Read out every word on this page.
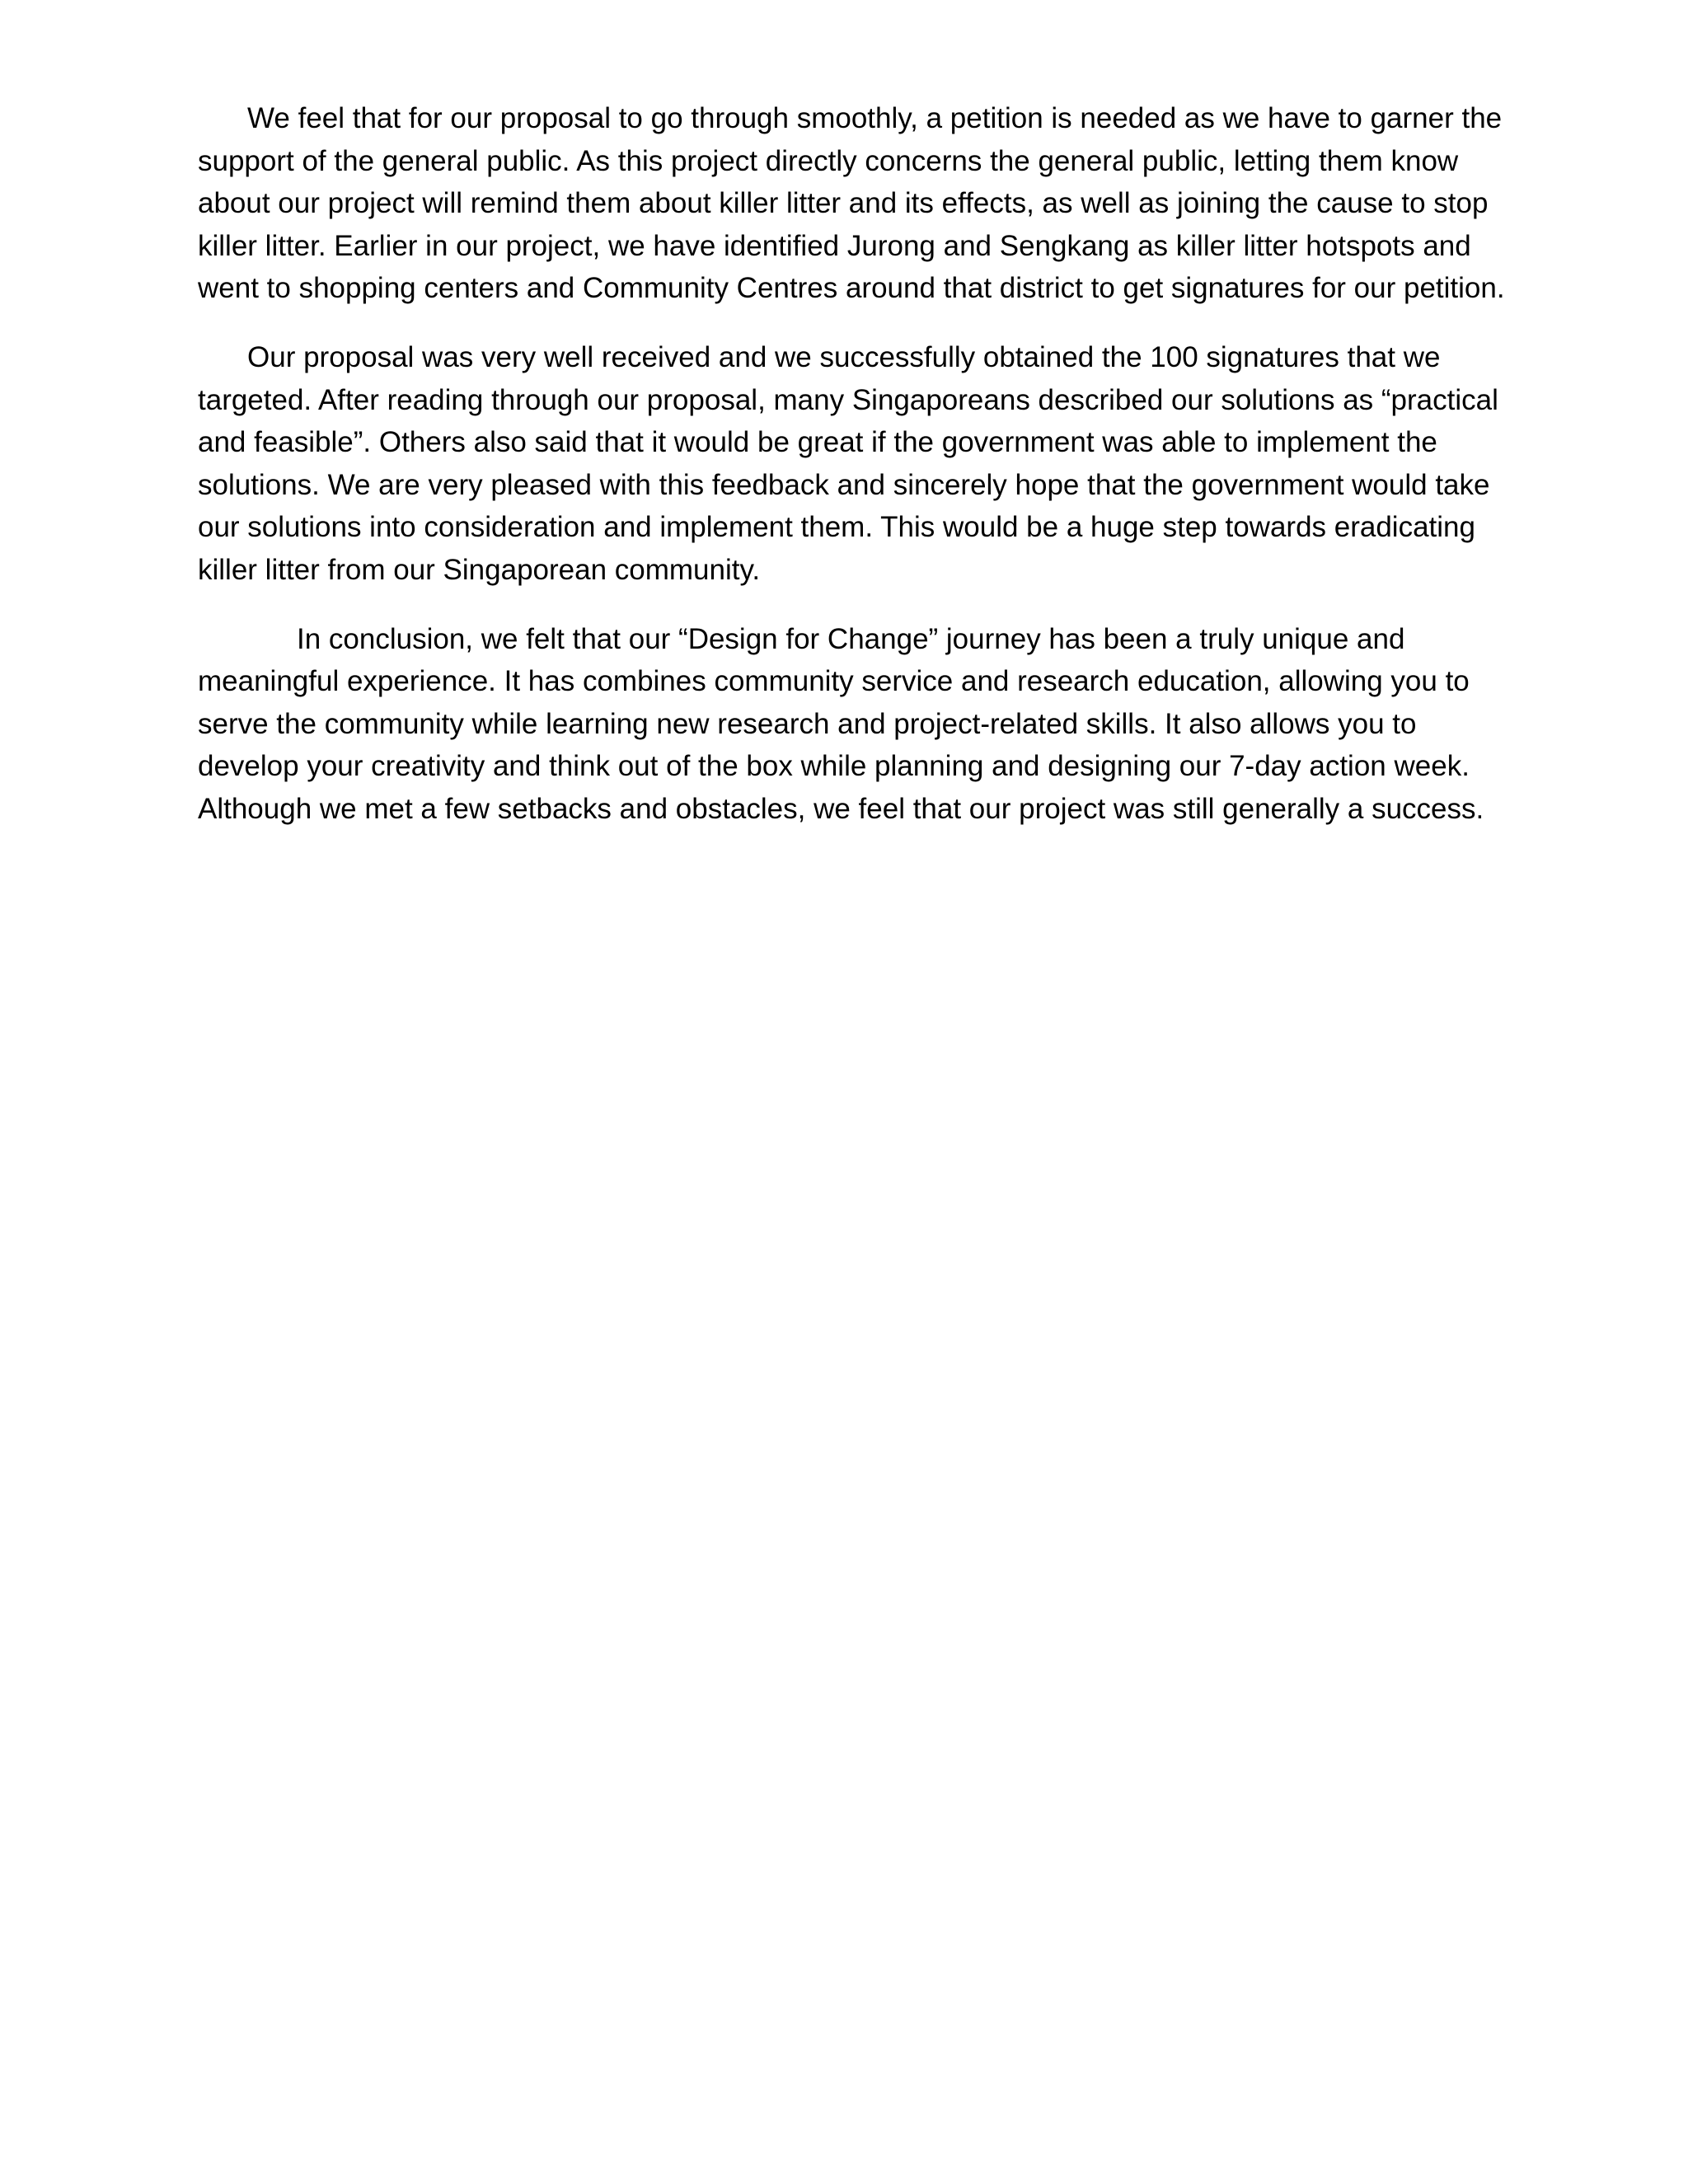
We feel that for our proposal to go through smoothly, a petition is needed as we have to garner the support of the general public. As this project directly concerns the general public, letting them know about our project will remind them about killer litter and its effects, as well as joining the cause to stop killer litter. Earlier in our project, we have identified Jurong and Sengkang as killer litter hotspots and went to shopping centers and Community Centres around that district to get signatures for our petition.

Our proposal was very well received and we successfully obtained the 100 signatures that we targeted. After reading through our proposal, many Singaporeans described our solutions as “practical and feasible”. Others also said that it would be great if the government was able to implement the solutions. We are very pleased with this feedback and sincerely hope that the government would take our solutions into consideration and implement them. This would be a huge step towards eradicating killer litter from our Singaporean community.

In conclusion, we felt that our “Design for Change” journey has been a truly unique and meaningful experience. It has combines community service and research education, allowing you to serve the community while learning new research and project-related skills. It also allows you to develop your creativity and think out of the box while planning and designing our 7-day action week. Although we met a few setbacks and obstacles, we feel that our project was still generally a success.
